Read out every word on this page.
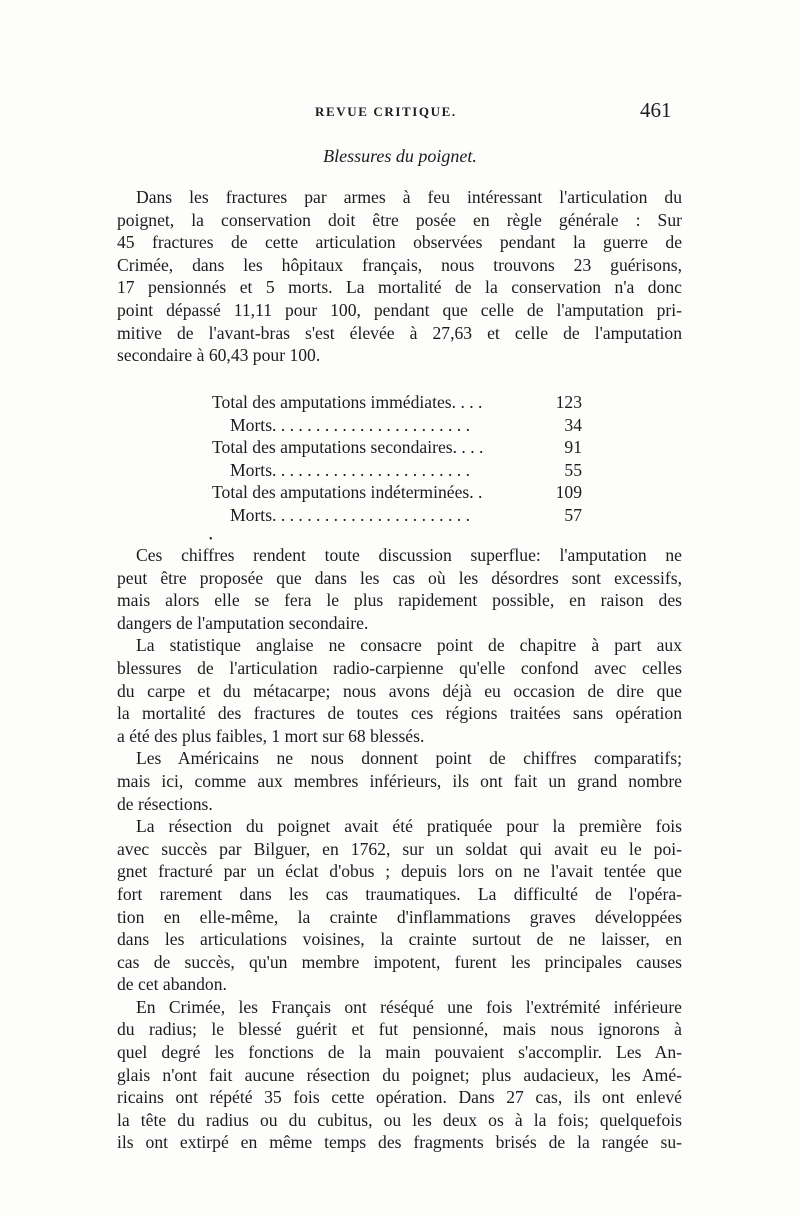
REVUE CRITIQUE.	461
Blessures du poignet.
Dans les fractures par armes à feu intéressant l'articulation du
poignet, la conservation doit être posée en règle générale : Sur
45 fractures de cette articulation observées pendant la guerre de
Crimée, dans les hôpitaux français, nous trouvons 23 guérisons,
17 pensionnés et 5 morts. La mortalité de la conservation n'a donc
point dépassé 11,11 pour 100, pendant que celle de l'amputation pri-
mitive de l'avant-bras s'est élevée à 27,63 et celle de l'amputation
secondaire à 60,43 pour 100.
Total des amputations immédiates. . . .	123
Morts. . . . . . . . . . . . . . . . . . . . . . .	34
Total des amputations secondaires. . . .	91
Morts. . . . . . . . . . . . . . . . . . . . . . .	55
Total des amputations indéterminées. .	109
Morts. . . . . . . . . . . . . . . . . . . . . . .	57
•
Ces chiffres rendent toute discussion superflue: l'amputation ne
peut être proposée que dans les cas où les désordres sont excessifs,
mais alors elle se fera le plus rapidement possible, en raison des
dangers de l'amputation secondaire.
La statistique anglaise ne consacre point de chapitre à part aux
blessures de l'articulation radio-carpienne qu'elle confond avec celles
du carpe et du métacarpe; nous avons déjà eu occasion de dire que
la mortalité des fractures de toutes ces régions traitées sans opération
a été des plus faibles, 1 mort sur 68 blessés.
Les Américains ne nous donnent point de chiffres comparatifs;
mais ici, comme aux membres inférieurs, ils ont fait un grand nombre
de résections.
La résection du poignet avait été pratiquée pour la première fois
avec succès par Bilguer, en 1762, sur un soldat qui avait eu le poi-
gnet fracturé par un éclat d'obus ; depuis lors on ne l'avait tentée que
fort rarement dans les cas traumatiques. La difficulté de l'opéra-
tion en elle-même, la crainte d'inflammations graves développées
dans les articulations voisines, la crainte surtout de ne laisser, en
cas de succès, qu'un membre impotent, furent les principales causes
de cet abandon.
En Crimée, les Français ont réséqué une fois l'extrémité inférieure
du radius; le blessé guérit et fut pensionné, mais nous ignorons à
quel degré les fonctions de la main pouvaient s'accomplir. Les An-
glais n'ont fait aucune résection du poignet; plus audacieux, les Amé-
ricains ont répété 35 fois cette opération. Dans 27 cas, ils ont enlevé
la tête du radius ou du cubitus, ou les deux os à la fois; quelquefois
ils ont extirpé en même temps des fragments brisés de la rangée su-
